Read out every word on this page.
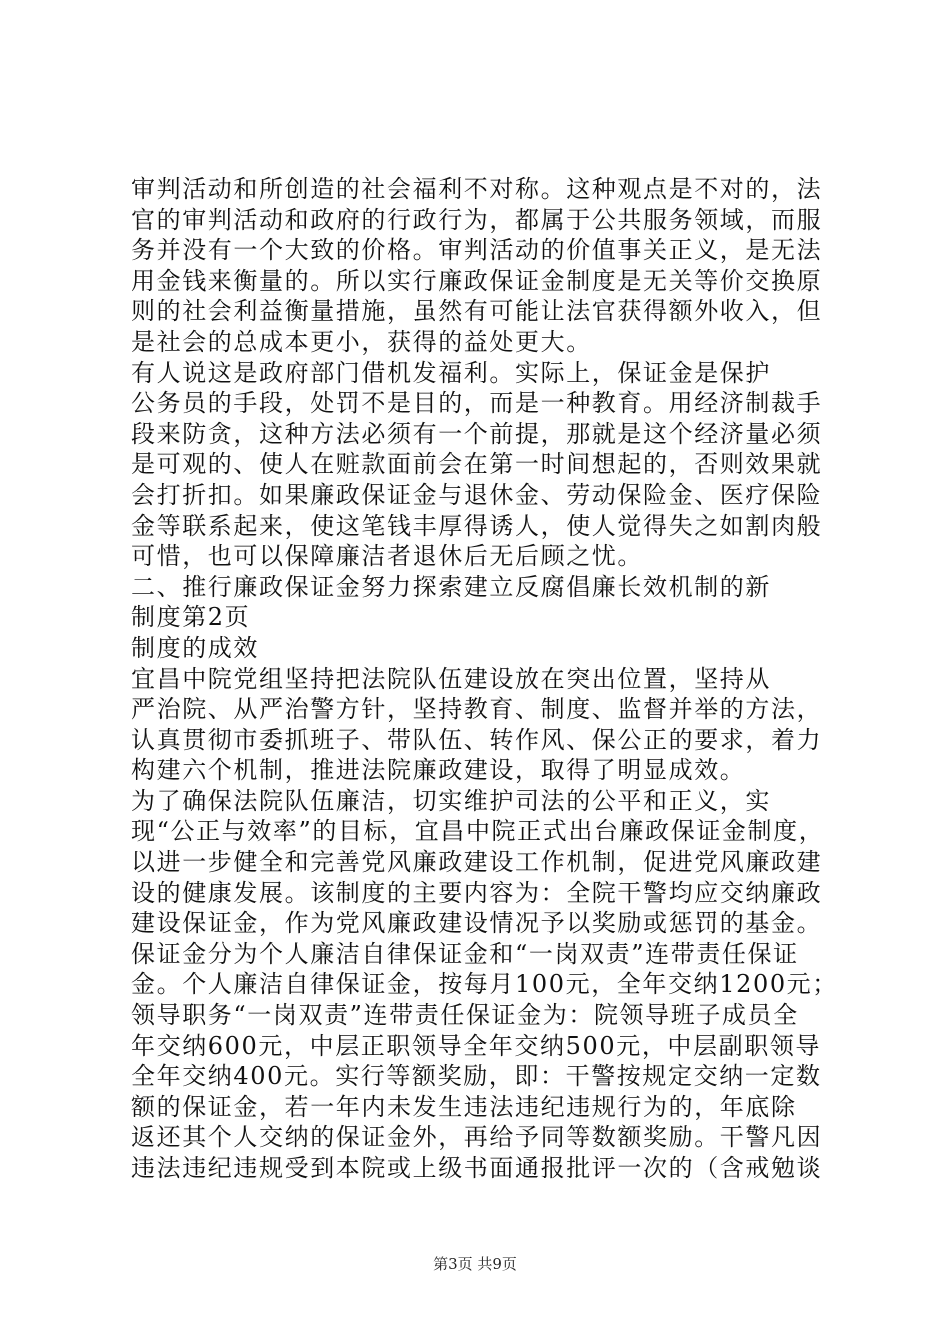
审判活动和所创造的社会福利不对称。这种观点是不对的，法
官的审判活动和政府的行政行为，都属于公共服务领域，而服
务并没有一个大致的价格。审判活动的价值事关正义，是无法
用金钱来衡量的。所以实行廉政保证金制度是无关等价交换原
则的社会利益衡量措施，虽然有可能让法官获得额外收入，但
是社会的总成本更小，获得的益处更大。
有人说这是政府部门借机发福利。实际上，保证金是保护
公务员的手段，处罚不是目的，而是一种教育。用经济制裁手
段来防贪，这种方法必须有一个前提，那就是这个经济量必须
是可观的、使人在赃款面前会在第一时间想起的，否则效果就
会打折扣。如果廉政保证金与退休金、劳动保险金、医疗保险
金等联系起来，使这笔钱丰厚得诱人，使人觉得失之如割肉般
可惜，也可以保障廉洁者退休后无后顾之忧。
二、推行廉政保证金努力探索建立反腐倡廉长效机制的新
制度第2页
制度的成效
宜昌中院党组坚持把法院队伍建设放在突出位置，坚持从
严治院、从严治警方针，坚持教育、制度、监督并举的方法，
认真贯彻市委抓班子、带队伍、转作风、保公正的要求，着力
构建六个机制，推进法院廉政建设，取得了明显成效。
为了确保法院队伍廉洁，切实维护司法的公平和正义，实
现“公正与效率”的目标，宜昌中院正式出台廉政保证金制度，
以进一步健全和完善党风廉政建设工作机制，促进党风廉政建
设的健康发展。该制度的主要内容为：全院干警均应交纳廉政
建设保证金，作为党风廉政建设情况予以奖励或惩罚的基金。
保证金分为个人廉洁自律保证金和“一岗双责”连带责任保证
金。个人廉洁自律保证金，按每月100元，全年交纳1200元；
领导职务“一岗双责”连带责任保证金为：院领导班子成员全
年交纳600元，中层正职领导全年交纳500元，中层副职领导
全年交纳400元。实行等额奖励，即：干警按规定交纳一定数
额的保证金，若一年内未发生违法违纪违规行为的，年底除
返还其个人交纳的保证金外，再给予同等数额奖励。干警凡因
违法违纪违规受到本院或上级书面通报批评一次的（含戒勉谈
第3页 共9页
